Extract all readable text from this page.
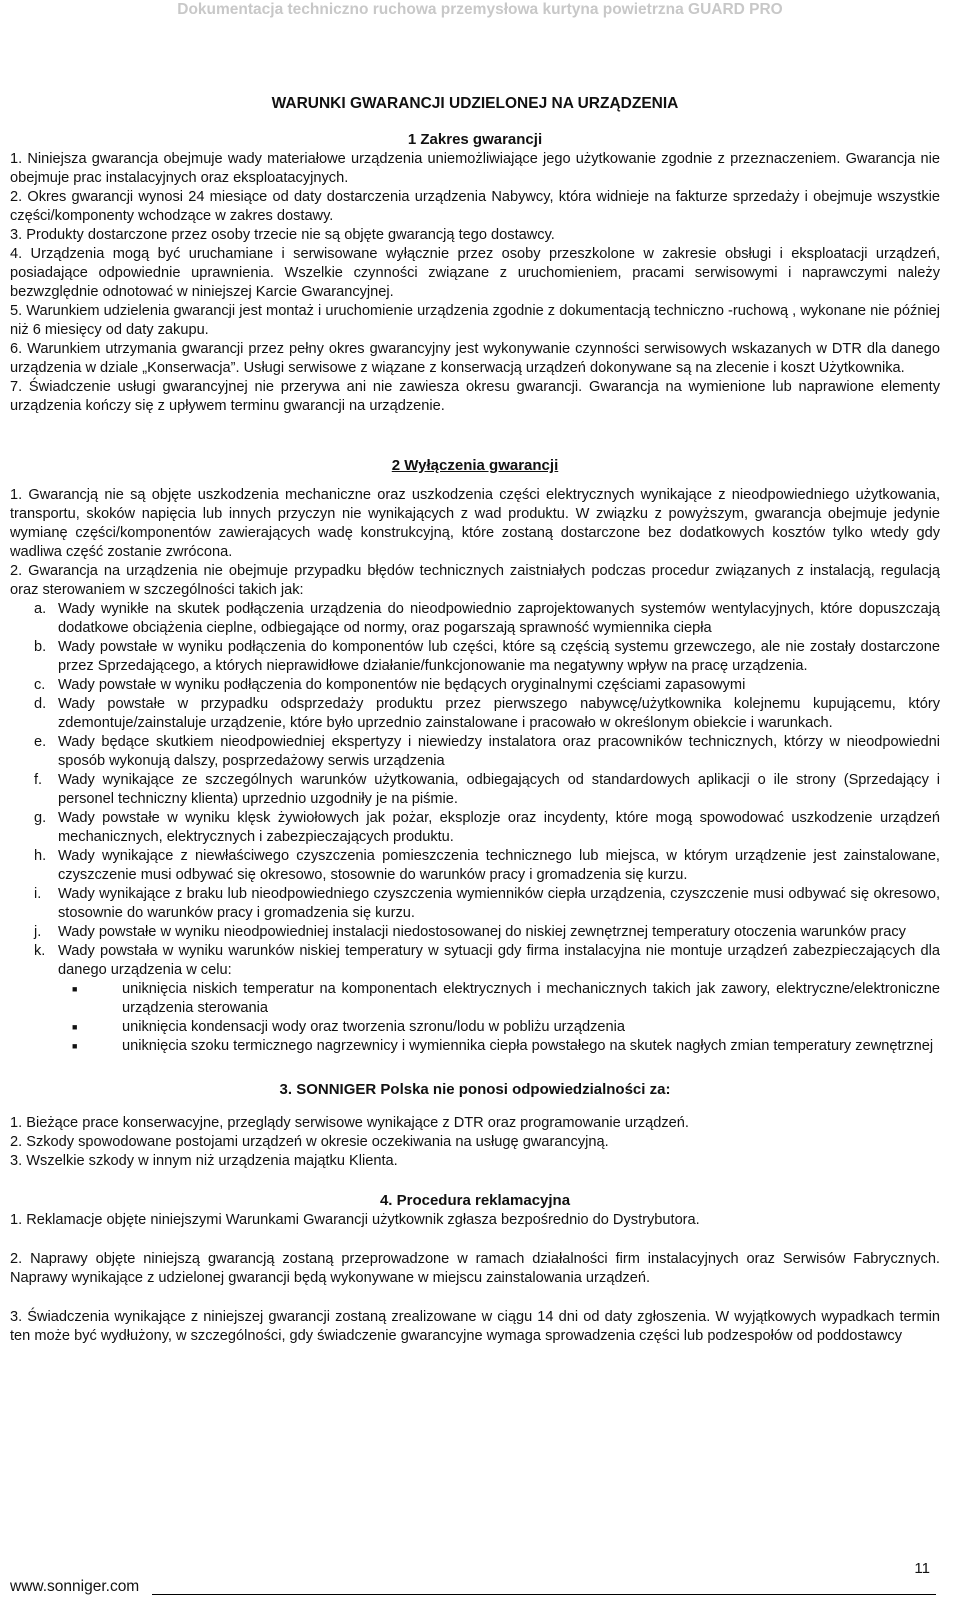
Dokumentacja techniczno ruchowa przemysłowa kurtyna powietrzna GUARD PRO

WARUNKI GWARANCJI UDZIELONEJ NA URZĄDZENIA

1 Zakres gwarancji

1. Niniejsza gwarancja obejmuje wady materiałowe urządzenia uniemożliwiające jego użytkowanie zgodnie z przeznaczeniem. Gwarancja nie obejmuje prac instalacyjnych oraz eksploatacyjnych.

2. Okres gwarancji wynosi 24 miesiące od daty dostarczenia urządzenia Nabywcy, która widnieje na fakturze sprzedaży i obejmuje wszystkie części/komponenty wchodzące w zakres dostawy.

3. Produkty dostarczone przez osoby trzecie nie są objęte gwarancją tego dostawcy.

4. Urządzenia mogą być uruchamiane i serwisowane wyłącznie przez osoby przeszkolone w zakresie obsługi i eksploatacji urządzeń, posiadające odpowiednie uprawnienia. Wszelkie czynności związane z uruchomieniem, pracami serwisowymi i naprawczymi należy bezwzględnie odnotować w niniejszej Karcie Gwarancyjnej.

5. Warunkiem udzielenia gwarancji jest montaż i uruchomienie urządzenia zgodnie z dokumentacją techniczno -ruchową , wykonane nie później niż 6 miesięcy od daty zakupu.

6. Warunkiem utrzymania gwarancji przez pełny okres gwarancyjny jest wykonywanie czynności serwisowych wskazanych w DTR dla danego urządzenia w dziale „Konserwacja”. Usługi serwisowe z wiązane z konserwacją urządzeń dokonywane są na zlecenie i koszt Użytkownika.

7. Świadczenie usługi gwarancyjnej nie przerywa ani nie zawiesza okresu gwarancji. Gwarancja na wymienione lub naprawione elementy urządzenia kończy się z upływem terminu gwarancji na urządzenie.

2 Wyłączenia gwarancji

1. Gwarancją nie są objęte uszkodzenia mechaniczne oraz uszkodzenia części elektrycznych wynikające z nieodpowiedniego użytkowania, transportu, skoków napięcia lub innych przyczyn nie wynikających z wad produktu. W związku z powyższym, gwarancja obejmuje jedynie wymianę części/komponentów zawierających wadę konstrukcyjną, które zostaną dostarczone bez dodatkowych kosztów tylko wtedy gdy wadliwa część zostanie zwrócona.

2. Gwarancja na urządzenia nie obejmuje przypadku błędów technicznych zaistniałych podczas procedur związanych z instalacją, regulacją oraz sterowaniem w szczególności takich jak:

a. Wady wynikłe na skutek podłączenia urządzenia do nieodpowiednio zaprojektowanych systemów wentylacyjnych, które dopuszczają dodatkowe obciążenia cieplne, odbiegające od normy, oraz pogarszają sprawność wymiennika ciepła
b. Wady powstałe w wyniku podłączenia do komponentów lub części, które są częścią systemu grzewczego, ale nie zostały dostarczone przez Sprzedającego, a których nieprawidłowe działanie/funkcjonowanie ma negatywny wpływ na pracę urządzenia.
c. Wady powstałe w wyniku podłączenia do komponentów nie będących oryginalnymi częściami zapasowymi
d. Wady powstałe w przypadku odsprzedaży produktu przez pierwszego nabywcę/użytkownika kolejnemu kupującemu, który zdemontuje/zainstaluje urządzenie, które było uprzednio zainstalowane i pracowało w określonym obiekcie i warunkach.
e. Wady będące skutkiem nieodpowiedniej ekspertyzy i niewiedzy instalatora oraz pracowników technicznych, którzy w nieodpowiedni sposób wykonują dalszy, posprzedażowy serwis urządzenia
f.	Wady wynikające ze szczególnych warunków użytkowania, odbiegających od standardowych aplikacji o ile strony (Sprzedający i personel techniczny klienta) uprzednio uzgodniły je na piśmie.
g. Wady powstałe w wyniku klęsk żywiołowych jak pożar, eksplozje oraz incydenty, które mogą spowodować uszkodzenie urządzeń mechanicznych, elektrycznych i zabezpieczających produktu.
h. Wady wynikające z niewłaściwego czyszczenia pomieszczenia technicznego lub miejsca, w którym urządzenie jest zainstalowane, czyszczenie musi odbywać się okresowo, stosownie do warunków pracy i gromadzenia się kurzu.
i.	Wady wynikające z braku lub nieodpowiedniego czyszczenia wymienników ciepła urządzenia, czyszczenie musi odbywać się okresowo, stosownie do warunków pracy i gromadzenia się kurzu.
j.	Wady powstałe w wyniku nieodpowiedniej instalacji niedostosowanej do niskiej zewnętrznej temperatury otoczenia warunków pracy
k. Wady powstała w wyniku warunków niskiej temperatury w sytuacji gdy firma instalacyjna nie montuje urządzeń zabezpieczających dla danego urządzenia w celu:
■	uniknięcia niskich temperatur na komponentach elektrycznych i mechanicznych takich jak zawory, elektryczne/elektroniczne urządzenia sterowania
■	uniknięcia kondensacji wody oraz tworzenia szronu/lodu w pobliżu urządzenia
■	uniknięcia szoku termicznego nagrzewnicy i wymiennika ciepła powstałego na skutek nagłych zmian temperatury zewnętrznej

3. SONNIGER Polska nie ponosi odpowiedzialności za:

1. Bieżące prace konserwacyjne, przeglądy serwisowe wynikające z DTR oraz programowanie urządzeń.

2. Szkody spowodowane postojami urządzeń w okresie oczekiwania na usługę gwarancyjną.

3. Wszelkie szkody w innym niż urządzenia majątku Klienta.

4. Procedura reklamacyjna

1. Reklamacje objęte niniejszymi Warunkami Gwarancji użytkownik zgłasza bezpośrednio do Dystrybutora.

2. Naprawy objęte niniejszą gwarancją zostaną przeprowadzone w ramach działalności firm instalacyjnych oraz Serwisów Fabrycznych. Naprawy wynikające z udzielonej gwarancji będą wykonywane w miejscu zainstalowania urządzeń.

3. Świadczenia wynikające z niniejszej gwarancji zostaną zrealizowane w ciągu 14 dni od daty zgłoszenia. W wyjątkowych wypadkach termin ten może być wydłużony, w szczególności, gdy świadczenie gwarancyjne wymaga sprowadzenia części lub podzespołów od poddostawcy

11
www.sonniger.com
